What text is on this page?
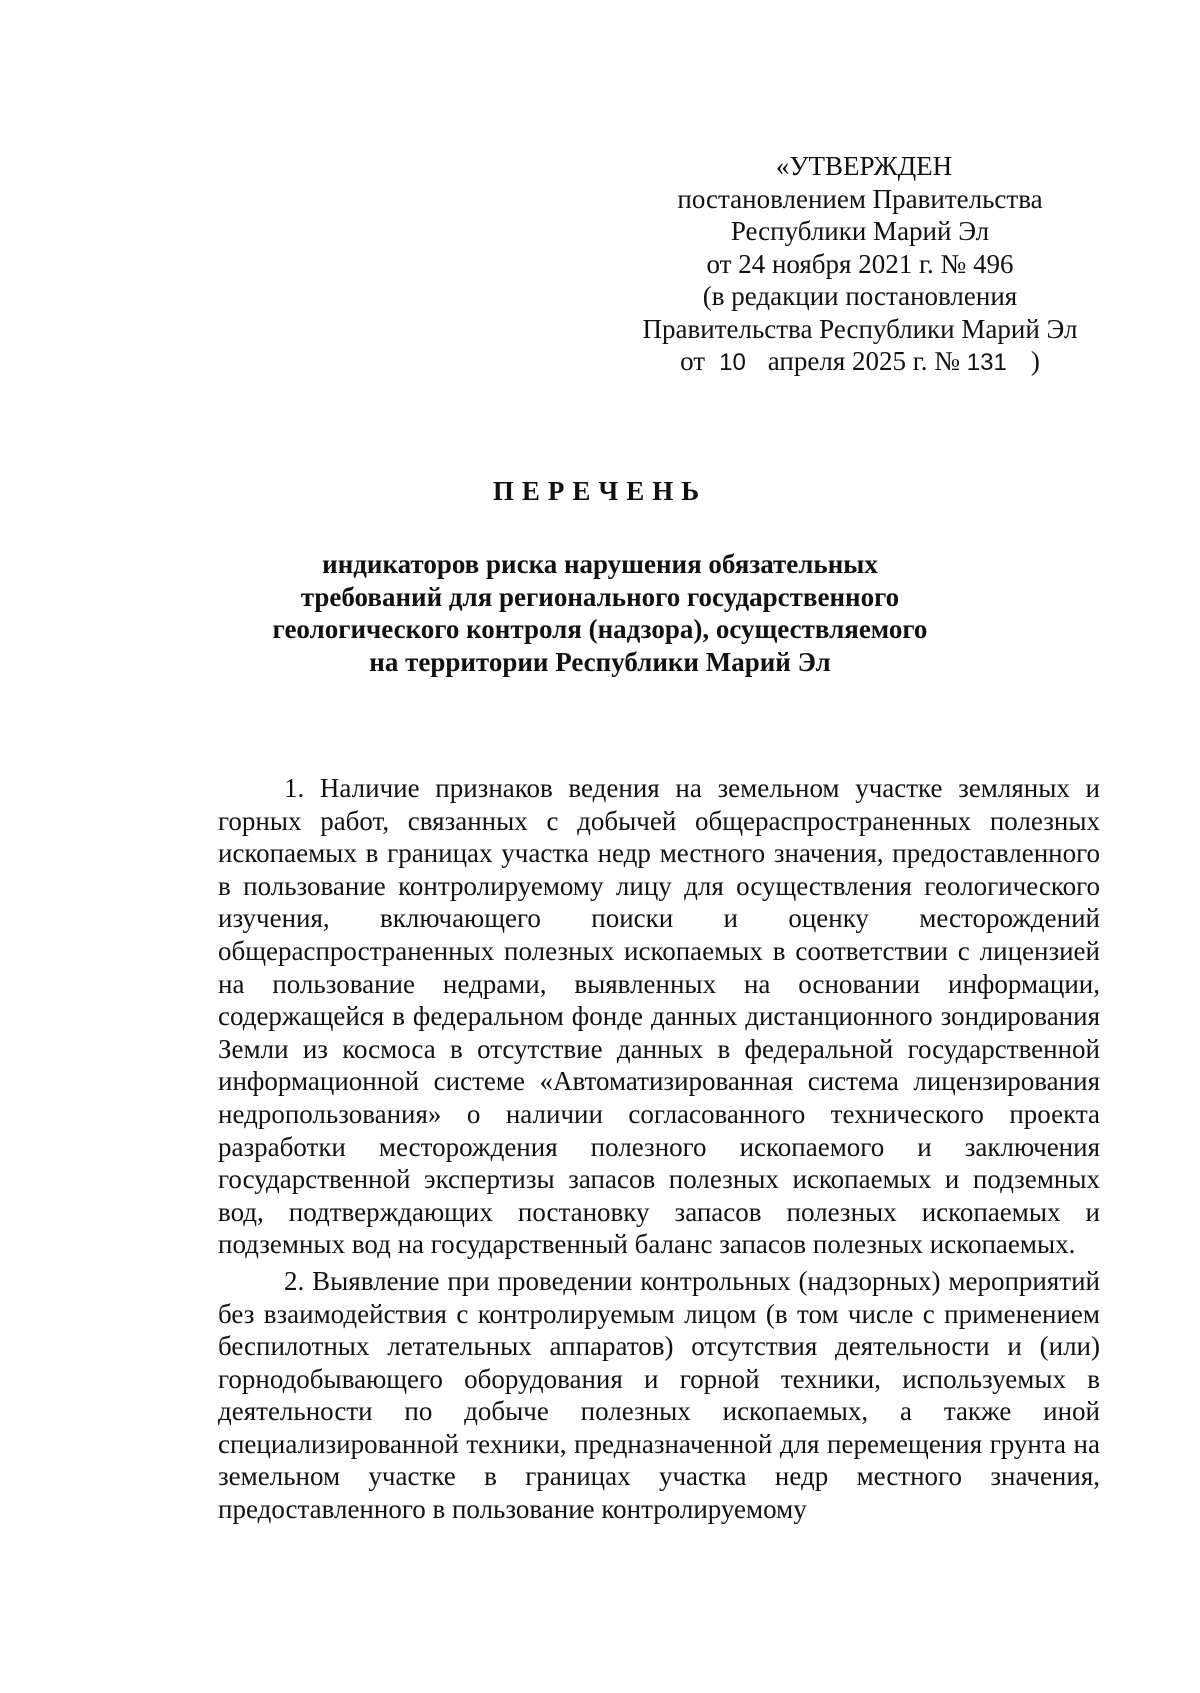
«УТВЕРЖДЕН
постановлением Правительства
Республики Марий Эл
от 24 ноября 2021 г. № 496
(в редакции постановления
Правительства Республики Марий Эл
от 10 апреля 2025 г. № 131 )
ПЕРЕЧЕНЬ
индикаторов риска нарушения обязательных
требований для регионального государственного
геологического контроля (надзора), осуществляемого
на территории Республики Марий Эл

1. Наличие признаков ведения на земельном участке земляных и горных работ, связанных с добычей общераспространенных полезных ископаемых в границах участка недр местного значения, предоставленного в пользование контролируемому лицу для осуществления геологического изучения, включающего поиски и оценку месторождений общераспространенных полезных ископаемых в соответствии с лицензией на пользование недрами, выявленных на основании информации, содержащейся в федеральном фонде данных дистанционного зондирования Земли из космоса в отсутствие данных в федеральной государственной информационной системе «Автоматизированная система лицензирования недропользования» о наличии согласованного технического проекта разработки месторождения полезного ископаемого и заключения государственной экспертизы запасов полезных ископаемых и подземных вод, подтверждающих постановку запасов полезных ископаемых и подземных вод на государственный баланс запасов полезных ископаемых.

2. Выявление при проведении контрольных (надзорных) мероприятий без взаимодействия с контролируемым лицом (в том числе с применением беспилотных летательных аппаратов) отсутствия деятельности и (или) горнодобывающего оборудования и горной техники, используемых в деятельности по добыче полезных ископаемых, а также иной специализированной техники, предназначенной для перемещения грунта на земельном участке в границах участка недр местного значения, предоставленного в пользование контролируемому
